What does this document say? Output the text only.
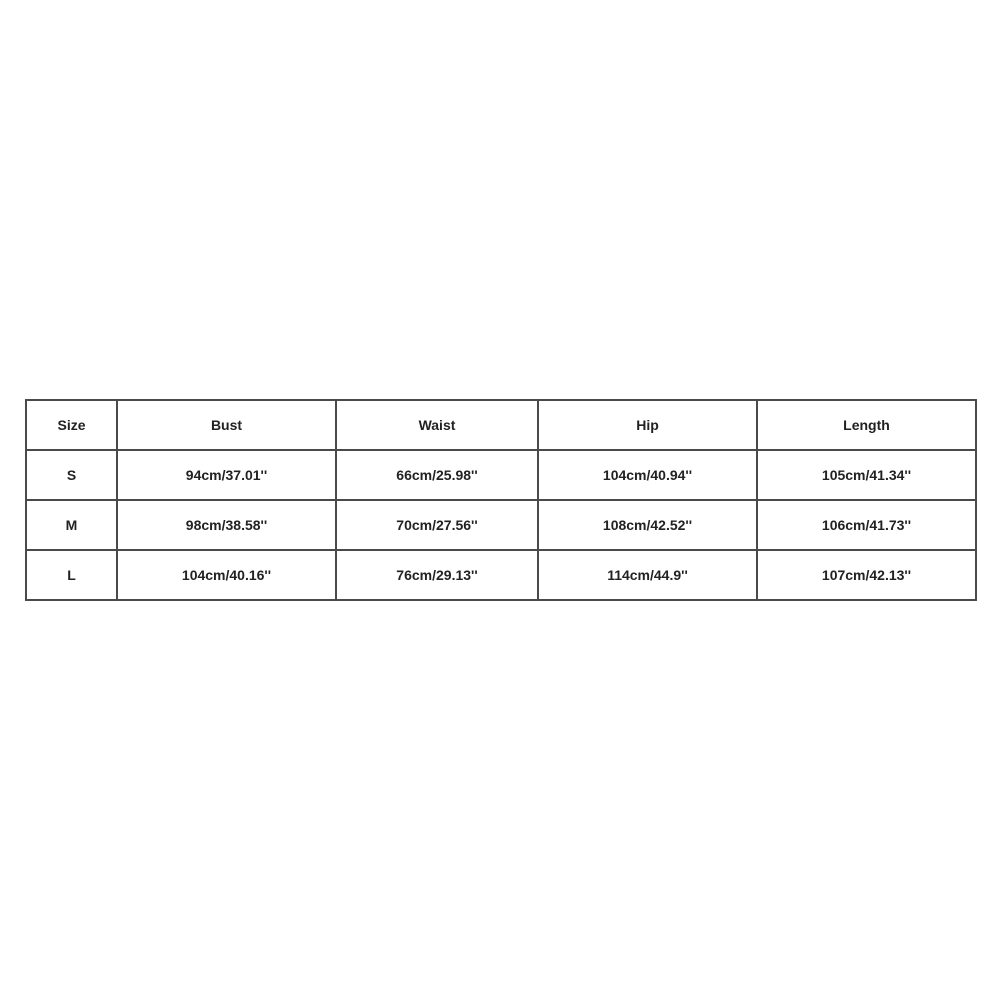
Size	Bust	Waist	Hip	Length
S	94cm/37.01''	66cm/25.98''	104cm/40.94''	105cm/41.34''
M	98cm/38.58''	70cm/27.56''	108cm/42.52''	106cm/41.73''
L	104cm/40.16''	76cm/29.13''	114cm/44.9''	107cm/42.13''
